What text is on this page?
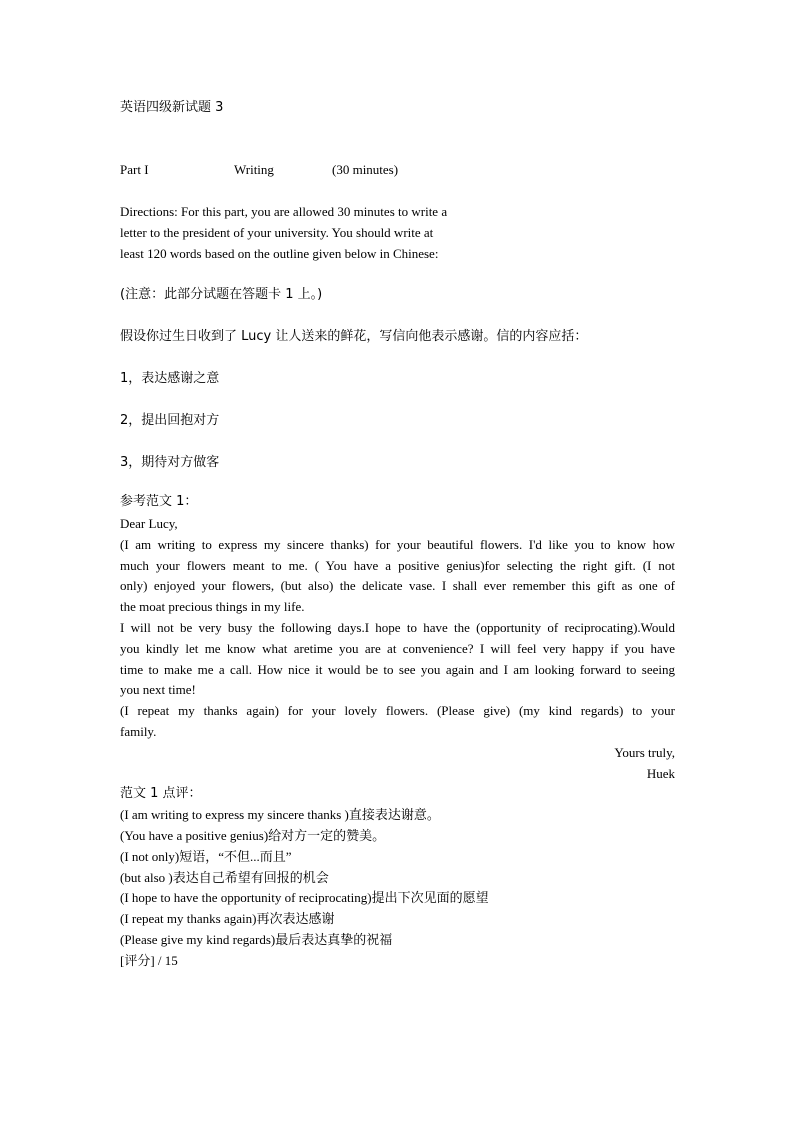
英语四级新试题 3
Part I	Writing	(30 minutes)
Directions: For this part, you are allowed 30 minutes to write a
letter to the president of your university. You should write at
least 120 words based on the outline given below in Chinese:
(注意：此部分试题在答题卡 1 上。)
假设你过生日收到了 Lucy 让人送来的鲜花，写信向他表示感谢。信的内容应括：
1，表达感谢之意
2，提出回抱对方
3，期待对方做客
参考范文 1：
Dear Lucy,
(I am writing to express my sincere thanks) for your beautiful flowers. I'd like you to know how
much your flowers meant to me. ( You have a positive genius)for selecting the right gift. (I not
only) enjoyed your flowers, (but also) the delicate vase. I shall ever remember this gift as one of
the moat precious things in my life.
I will not be very busy the following days.I hope to have the (opportunity of reciprocating).Would
you kindly let me know what aretime you are at convenience? I will feel very happy if you have
time to make me a call. How nice it would be to see you again and I am looking forward to seeing
you next time!
(I repeat my thanks again) for your lovely flowers. (Please give) (my kind regards) to your
family.
Yours truly,
Huek
范文 1 点评：
(I am writing to express my sincere thanks )直接表达谢意。
(You have a positive genius)给对方一定的赞美。
(I not only)短语，“不但...而且”
(but also )表达自己希望有回报的机会
(I hope to have the opportunity of reciprocating)提出下次见面的愿望
(I repeat my thanks again)再次表达感谢
(Please give my kind regards)最后表达真挚的祝福
[评分] / 15
